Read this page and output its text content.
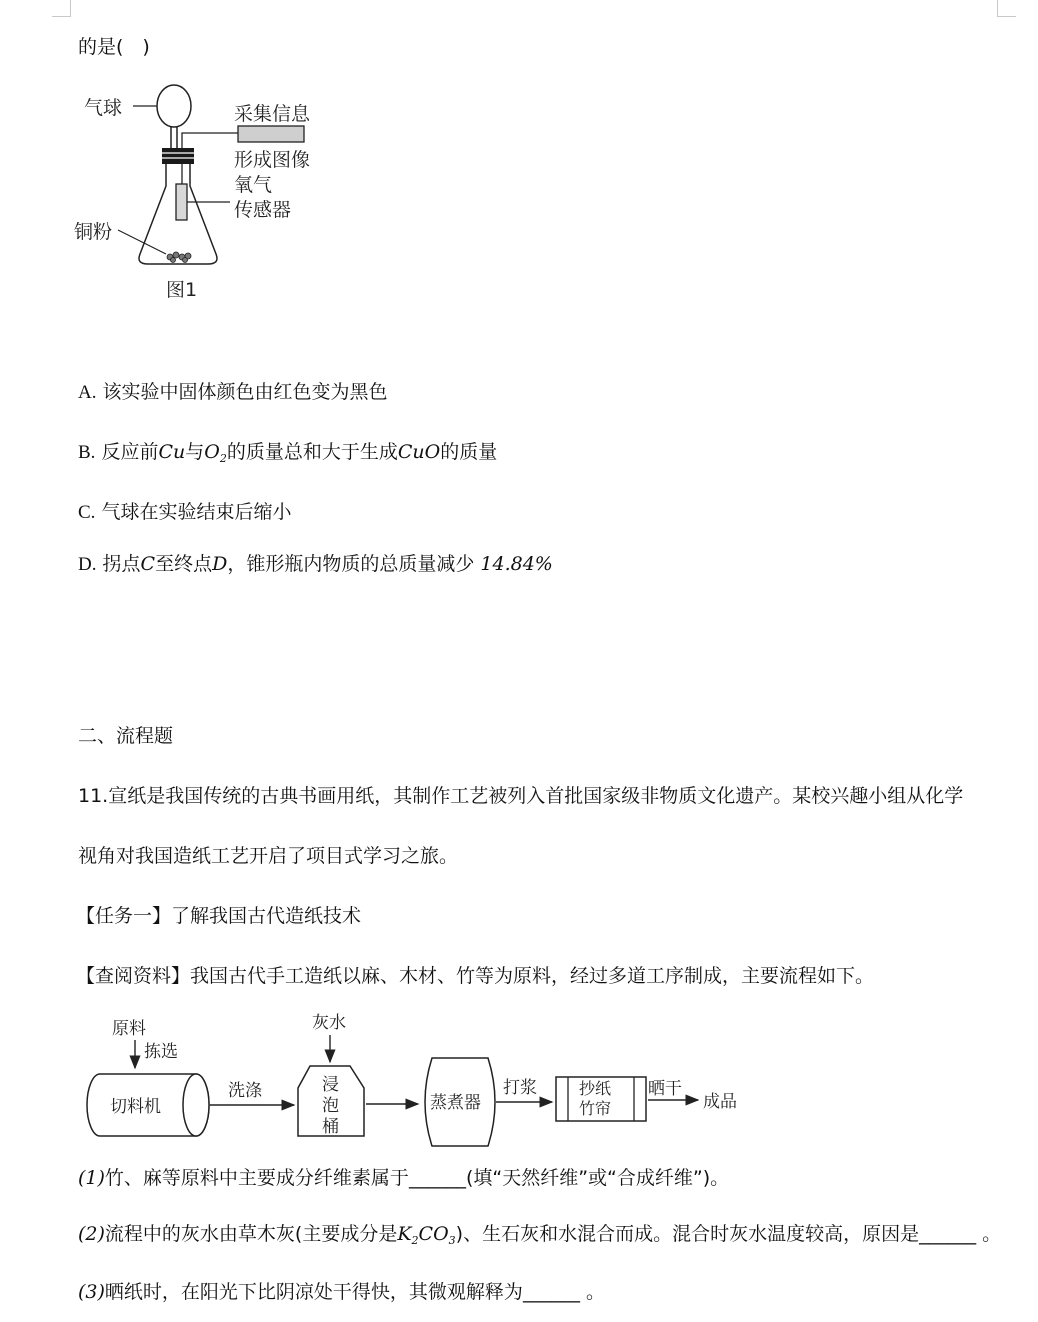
的是(　)
气球	采集信息
形成图像
氧气
传感器
铜粉
图1
A. 该实验中固体颜色由红色变为黑色
B. 反应前Cu与$O_2$的质量总和大于生成CuO的质量
C. 气球在实验结束后缩小
D. 拐点C至终点D，锥形瓶内物质的总质量减少 14.84%
二、流程题
11.宣纸是我国传统的古典书画用纸，其制作工艺被列入首批国家级非物质文化遗产。某校兴趣小组从化学
视角对我国造纸工艺开启了项目式学习之旅。
【任务一】了解我国古代造纸技术
【查阅资料】我国古代手工造纸以麻、木材、竹等为原料，经过多道工序制成，主要流程如下。
原料
拣选
切料机
洗涤
灰水
浸
泡
桶
蒸煮器
打浆	抄纸
竹帘
晒干
成品
(1)竹、麻等原料中主要成分纤维素属于______(填“天然纤维”或“合成纤维”)。
(2)流程中的灰水由草木灰(主要成分是$K_2CO_3$)、生石灰和水混合而成。混合时灰水温度较高，原因是______ 。
(3)晒纸时，在阳光下比阴凉处干得快，其微观解释为______ 。
